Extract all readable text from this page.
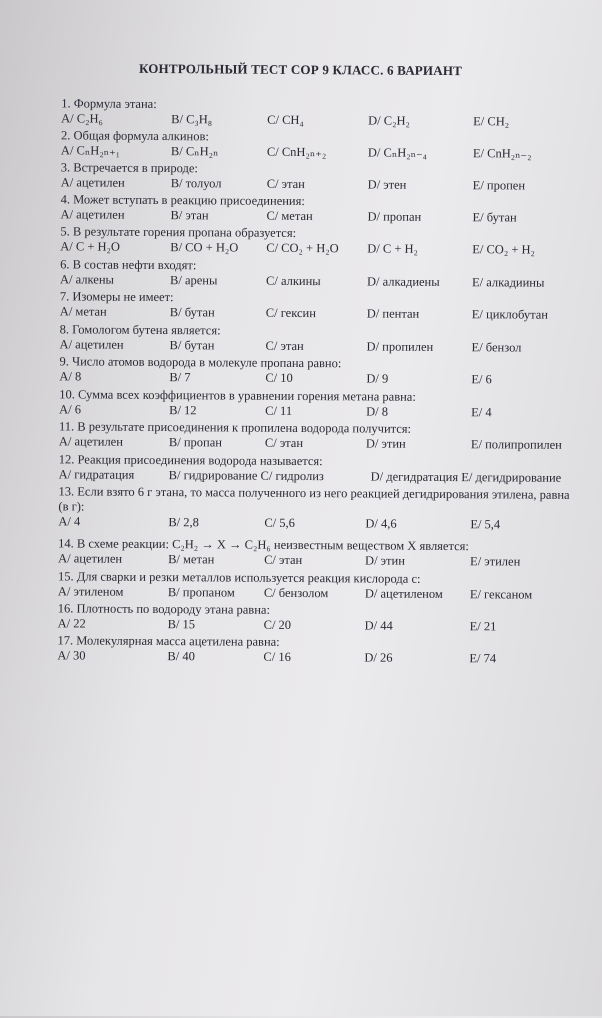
КОНТРОЛЬНЫЙ ТЕСТ СОР 9 КЛАСС. 6 ВАРИАНТ
1. Формула этана:
A/ C₂H₆	B/ C₃H₈	C/ CH₄	D/ C₂H₂	E/ CH₂
2. Общая формула алкинов:
A/ CₙH₂ₙ₊₁	B/ CₙH₂ₙ	C/ CnH₂ₙ₊₂	D/ CₙH₂ₙ₋₄	E/ CnH₂ₙ₋₂
3. Встречается в природе:
A/ ацетилен	B/ толуол	C/ этан	D/ этен	E/ пропен
4. Может вступать в реакцию присоединения:
A/ ацетилен	B/ этан	C/ метан	D/ пропан	E/ бутан
5. В результате горения пропана образуется:
A/ C + H₂O	B/ CO + H₂O C/ CO₂ + H₂O D/ C + H₂	E/ CO₂ + H₂
6. В состав нефти входят:
A/ алкены	B/ арены	C/ алкины	D/ алкадиены	E/ алкадиины
7. Изомеры не имеет:
A/ метан	B/ бутан	C/ гексин	D/ пентан	E/ циклобутан
8. Гомологом бутена является:
A/ ацетилен	B/ бутан	C/ этан	D/ пропилен	E/ бензол
9. Число атомов водорода в молекуле пропана равно:
A/ 8	B/ 7	C/ 10	D/ 9	E/ 6
10. Сумма всех коэффициентов в уравнении горения метана равна:
A/ 6	B/ 12	C/ 11	D/ 8	E/ 4
11. В результате присоединения к пропилена водорода получится:
A/ ацетилен	B/ пропан	C/ этан	D/ этин	E/ полипропилен
12. Реакция присоединения водорода называется:
A/ гидратация	B/ гидрирование C/ гидролиз	D/ дегидратация E/ дегидрирование
13. Если взято 6 г этана, то масса полученного из него реакцией дегидрирования этилена, равна (в г):
A/ 4	B/ 2,8	C/ 5,6	D/ 4,6	E/ 5,4
14. В схеме реакции: C₂H₂ → X → C₂H₆ неизвестным веществом X является:
A/ ацетилен	B/ метан	C/ этан	D/ этин	E/ этилен
15. Для сварки и резки металлов используется реакция кислорода с:
A/ этиленом	B/ пропаном C/ бензолом	D/ ацетиленом E/ гексаном
16. Плотность по водороду этана равна:
A/ 22	B/ 15	C/ 20	D/ 44	E/ 21
17. Молекулярная масса ацетилена равна:
A/ 30	B/ 40	C/ 16	D/ 26	E/ 74
